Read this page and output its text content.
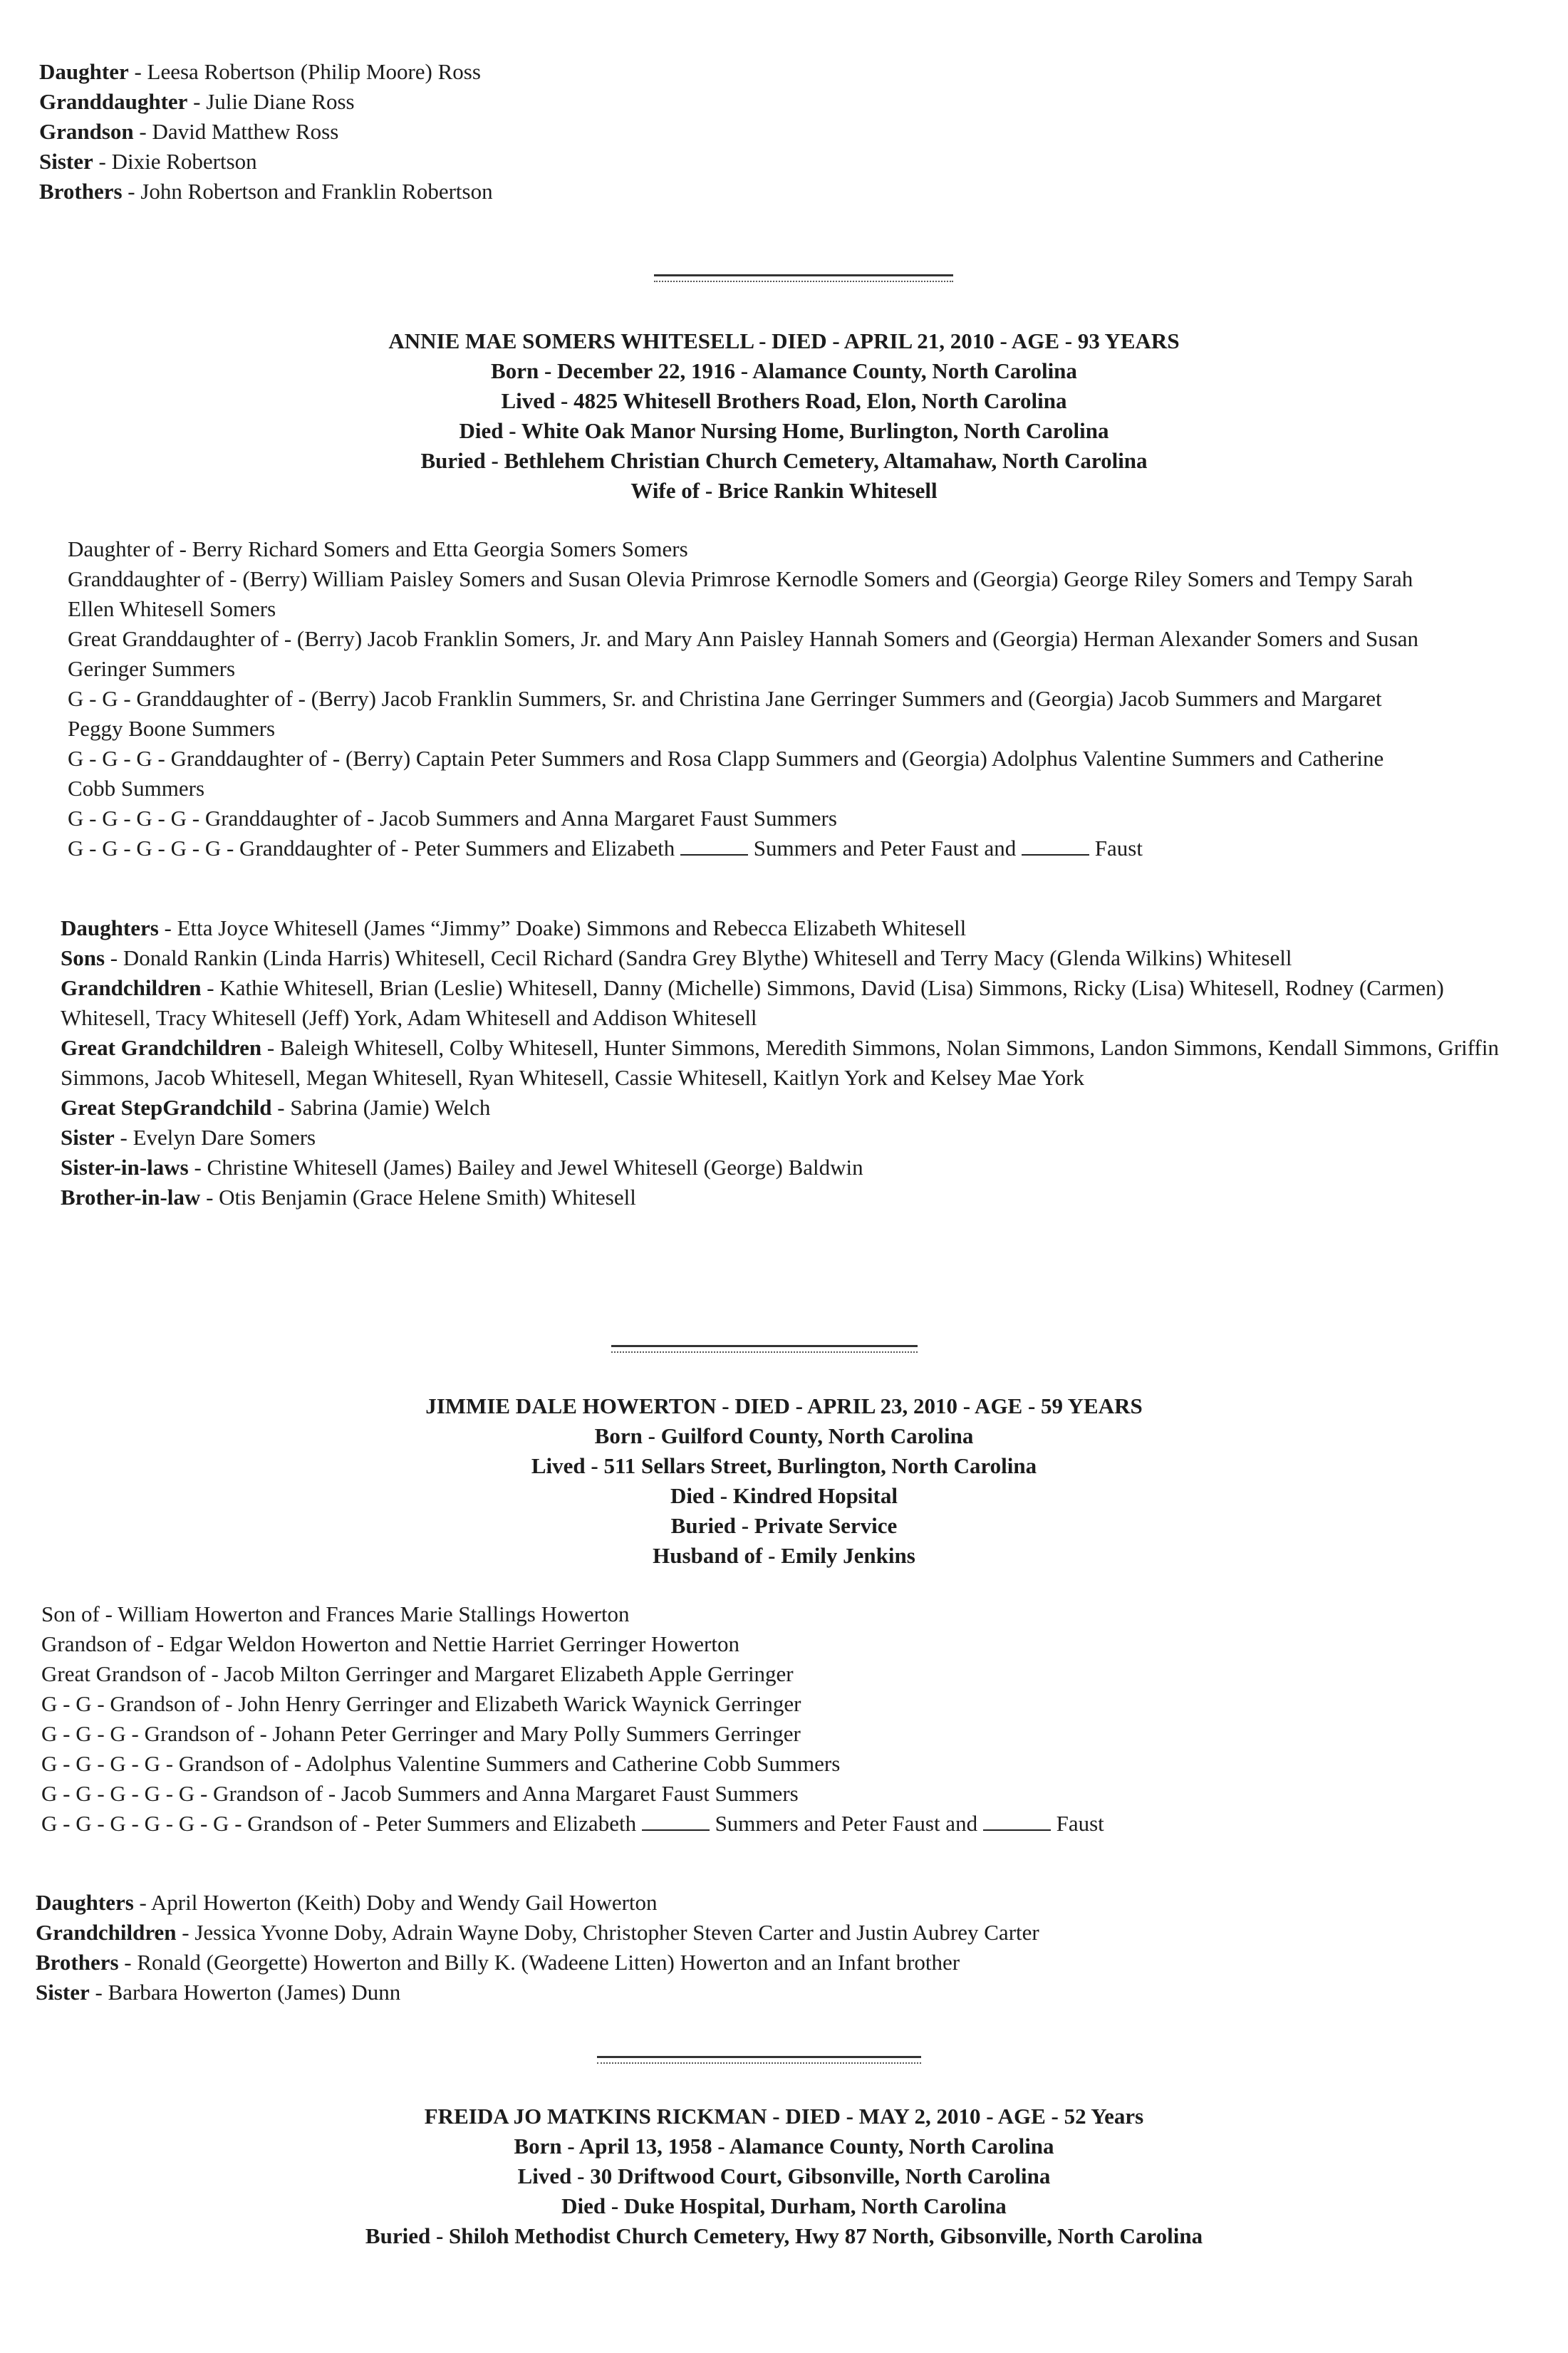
Daughter - Leesa Robertson (Philip Moore) Ross
Granddaughter - Julie Diane Ross
Grandson - David Matthew Ross
Sister - Dixie Robertson
Brothers - John Robertson and Franklin Robertson
ANNIE MAE SOMERS WHITESELL - DIED - APRIL 21, 2010 - AGE - 93 YEARS
Born - December 22, 1916 - Alamance County, North Carolina
Lived - 4825 Whitesell Brothers Road, Elon, North Carolina
Died - White Oak Manor Nursing Home, Burlington, North Carolina
Buried - Bethlehem Christian Church Cemetery, Altamahaw, North Carolina
Wife of - Brice Rankin Whitesell
Daughter of - Berry Richard Somers and Etta Georgia Somers Somers
Granddaughter of - (Berry) William Paisley Somers and Susan Olevia Primrose Kernodle Somers and (Georgia) George Riley Somers and Tempy Sarah Ellen Whitesell Somers
Great Granddaughter of - (Berry) Jacob Franklin Somers, Jr. and Mary Ann Paisley Hannah Somers and (Georgia) Herman Alexander Somers and Susan Geringer Summers
G - G - Granddaughter of - (Berry) Jacob Franklin Summers, Sr. and Christina Jane Gerringer Summers and (Georgia) Jacob Summers and Margaret Peggy Boone Summers
G - G - G - Granddaughter of - (Berry) Captain Peter Summers and Rosa Clapp Summers and (Georgia) Adolphus Valentine Summers and Catherine Cobb Summers
G - G - G - G - Granddaughter of - Jacob Summers and Anna Margaret Faust Summers
G - G - G - G - G - Granddaughter of - Peter Summers and Elizabeth	Summers and Peter Faust and	Faust
Daughters - Etta Joyce Whitesell (James “Jimmy” Doake) Simmons and Rebecca Elizabeth Whitesell
Sons - Donald Rankin (Linda Harris) Whitesell, Cecil Richard (Sandra Grey Blythe) Whitesell and Terry Macy (Glenda Wilkins) Whitesell
Grandchildren - Kathie Whitesell, Brian (Leslie) Whitesell, Danny (Michelle) Simmons, David (Lisa) Simmons, Ricky (Lisa) Whitesell, Rodney (Carmen) Whitesell, Tracy Whitesell (Jeff) York, Adam Whitesell and Addison Whitesell
Great Grandchildren - Baleigh Whitesell, Colby Whitesell, Hunter Simmons, Meredith Simmons, Nolan Simmons, Landon Simmons, Kendall Simmons, Griffin Simmons, Jacob Whitesell, Megan Whitesell, Ryan Whitesell, Cassie Whitesell, Kaitlyn York and Kelsey Mae York
Great StepGrandchild - Sabrina (Jamie) Welch
Sister - Evelyn Dare Somers
Sister-in-laws - Christine Whitesell (James) Bailey and Jewel Whitesell (George) Baldwin
Brother-in-law - Otis Benjamin (Grace Helene Smith) Whitesell
JIMMIE DALE HOWERTON - DIED - APRIL 23, 2010 - AGE - 59 YEARS
Born - Guilford County, North Carolina
Lived - 511 Sellars Street, Burlington, North Carolina
Died - Kindred Hopsital
Buried - Private Service
Husband of - Emily Jenkins
Son of - William Howerton and Frances Marie Stallings Howerton
Grandson of - Edgar Weldon Howerton and Nettie Harriet Gerringer Howerton
Great Grandson of - Jacob Milton Gerringer and Margaret Elizabeth Apple Gerringer
G - G - Grandson of - John Henry Gerringer and Elizabeth Warick Waynick Gerringer
G - G - G - Grandson of - Johann Peter Gerringer and Mary Polly Summers Gerringer
G - G - G - G - Grandson of - Adolphus Valentine Summers and Catherine Cobb Summers
G - G - G - G - G - Grandson of - Jacob Summers and Anna Margaret Faust Summers
G - G - G - G - G - G - Grandson of - Peter Summers and Elizabeth	Summers and Peter Faust and	Faust
Daughters - April Howerton (Keith) Doby and Wendy Gail Howerton
Grandchildren - Jessica Yvonne Doby, Adrain Wayne Doby, Christopher Steven Carter and Justin Aubrey Carter
Brothers - Ronald (Georgette) Howerton and Billy K. (Wadeene Litten) Howerton and an Infant brother
Sister - Barbara Howerton (James) Dunn
FREIDA JO MATKINS RICKMAN - DIED - MAY 2, 2010 - AGE - 52 Years
Born - April 13, 1958 - Alamance County, North Carolina
Lived - 30 Driftwood Court, Gibsonville, North Carolina
Died - Duke Hospital, Durham, North Carolina
Buried - Shiloh Methodist Church Cemetery, Hwy 87 North, Gibsonville, North Carolina
